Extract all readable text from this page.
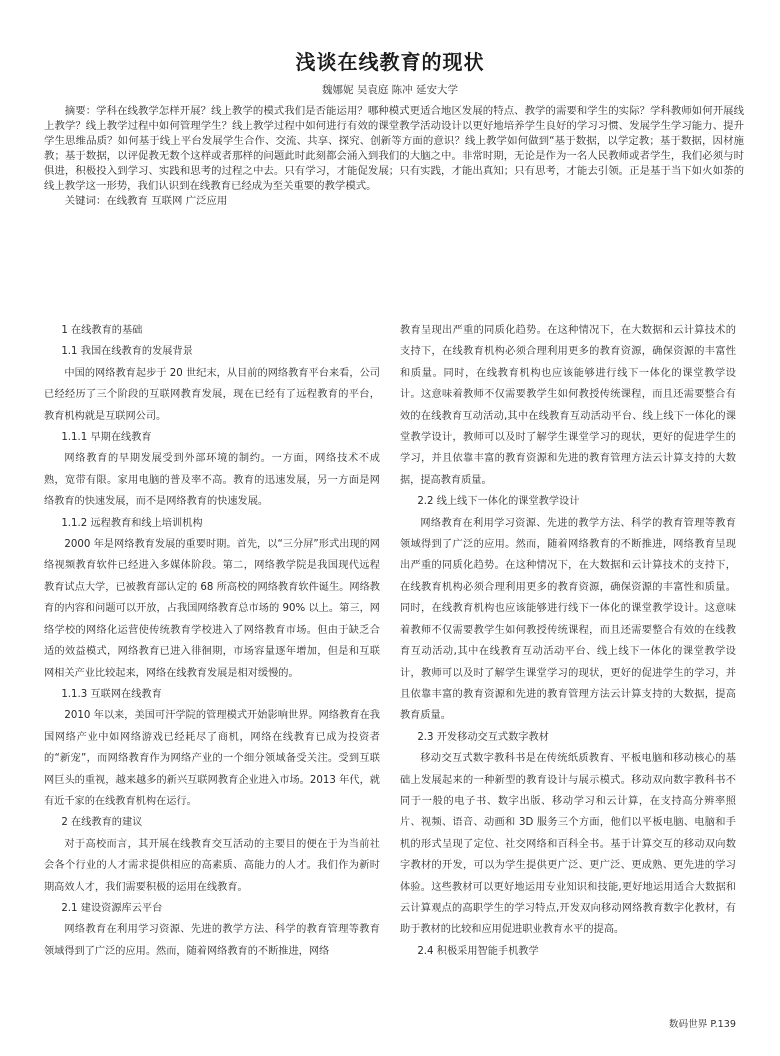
浅谈在线教育的现状
魏娜妮 吴袁庭 陈冲 延安大学

摘要：学科在线教学怎样开展？线上教学的模式我们是否能运用？哪种模式更适合地区发展的特点、教学的需要和学生的实际？学科教师如何开展线上教学？线上教学过程中如何管理学生？线上教学过程中如何进行有效的课堂教学活动设计以更好地培养学生良好的学习习惯、发展学生学习能力、提升学生思维品质？如何基于线上平台发展学生合作、交流、共享、探究、创新等方面的意识？线上教学如何做到“基于数据，以学定教；基于数据，因材施教；基于数据，以评促教无数个这样或者那样的问题此时此刻都会涌入到我们的大脑之中。非常时期，无论是作为一名人民教师或者学生，我们必须与时俱进，积极投入到学习、实践和思考的过程之中去。只有学习，才能促发展；只有实践，才能出真知；只有思考，才能去引领。正是基于当下如火如荼的线上教学这一形势，我们认识到在线教育已经成为至关重要的教学模式。

关键词：在线教育 互联网 广泛应用

1 在线教育的基础

1.1 我国在线教育的发展背景

中国的网络教育起步于 20 世纪末，从目前的网络教育平台来看，公司已经经历了三个阶段的互联网教育发展，现在已经有了远程教育的平台，教育机构就是互联网公司。

1.1.1 早期在线教育

网络教育的早期发展受到外部环境的制约。一方面，网络技术不成熟，宽带有限。家用电脑的普及率不高。教育的迅速发展，另一方面是网络教育的快速发展，而不是网络教育的快速发展。

1.1.2 远程教育和线上培训机构

2000 年是网络教育发展的重要时期。首先，以“三分屏”形式出现的网络视频教育软件已经进入多媒体阶段。第二，网络教学院是我国现代远程教育试点大学，已被教育部认定的 68 所高校的网络教育软件诞生。网络教育的内容和问题可以开放，占我国网络教育总市场的 90% 以上。第三，网络学校的网络化运营使传统教育学校进入了网络教育市场。但由于缺乏合适的效益模式，网络教育已进入徘徊期，市场容量逐年增加，但是和互联网相关产业比较起来，网络在线教育发展是相对缓慢的。

1.1.3 互联网在线教育

2010 年以来，美国可汗学院的管理模式开始影响世界。网络教育在我国网络产业中如网络游戏已经耗尽了商机，网络在线教育已成为投资者的“新宠”，而网络教育作为网络产业的一个细分领域备受关注。受到互联网巨头的重视，越来越多的新兴互联网教育企业进入市场。2013 年代，就有近千家的在线教育机构在运行。

2 在线教育的建议

对于高校而言，其开展在线教育交互活动的主要目的便在于为当前社会各个行业的人才需求提供相应的高素质、高能力的人才。我们作为新时期高效人才，我们需要积极的运用在线教育。

2.1 建设资源库云平台

网络教育在利用学习资源、先进的教学方法、科学的教育管理等教育领域得到了广泛的应用。然而，随着网络教育的不断推进，网络

教育呈现出严重的同质化趋势。在这种情况下，在大数据和云计算技术的支持下，在线教育机构必须合理利用更多的教育资源，确保资源的丰富性和质量。同时，在线教育机构也应该能够进行线下一体化的课堂教学设计。这意味着教师不仅需要教学生如何教授传统课程，而且还需要整合有效的在线教育互动活动,其中在线教育互动活动平台、线上线下一体化的课堂教学设计，教师可以及时了解学生课堂学习的现状，更好的促进学生的学习，并且依靠丰富的教育资源和先进的教育管理方法云计算支持的大数据，提高教育质量。

2.2 线上线下一体化的课堂教学设计

网络教育在利用学习资源、先进的教学方法、科学的教育管理等教育领域得到了广泛的应用。然而，随着网络教育的不断推进，网络教育呈现出严重的同质化趋势。在这种情况下，在大数据和云计算技术的支持下，在线教育机构必须合理利用更多的教育资源，确保资源的丰富性和质量。同时，在线教育机构也应该能够进行线下一体化的课堂教学设计。这意味着教师不仅需要教学生如何教授传统课程，而且还需要整合有效的在线教育互动活动,其中在线教育互动活动平台、线上线下一体化的课堂教学设计，教师可以及时了解学生课堂学习的现状，更好的促进学生的学习，并且依靠丰富的教育资源和先进的教育管理方法云计算支持的大数据，提高教育质量。

2.3 开发移动交互式数字教材

移动交互式数字教科书是在传统纸质教育、平板电脑和移动核心的基础上发展起来的一种新型的教育设计与展示模式。移动双向数字教科书不同于一般的电子书、数字出版、移动学习和云计算，在支持高分辨率照片、视频、语音、动画和 3D 服务三个方面，他们以平板电脑、电脑和手机的形式呈现了定位、社交网络和百科全书。基于计算交互的移动双向数字教材的开发，可以为学生提供更广泛、更广泛、更成熟、更先进的学习体验。这些教材可以更好地运用专业知识和技能,更好地运用适合大数据和云计算观点的高职学生的学习特点,开发双向移动网络教育数字化教材，有助于教材的比较和应用促进职业教育水平的提高。

2.4 积极采用智能手机教学

数码世界 P.139
